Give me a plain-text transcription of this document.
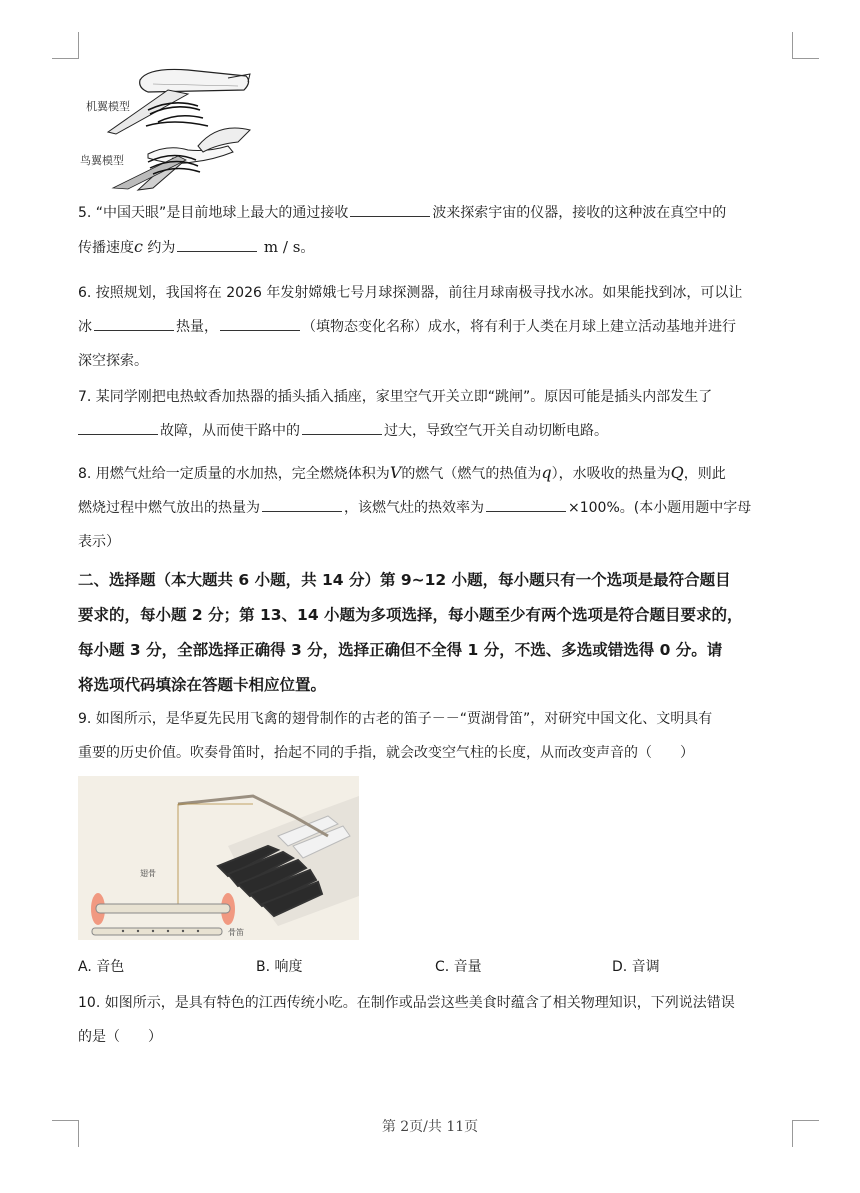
机翼模型
鸟翼模型
5. “中国天眼”是目前地球上最大的通过接收	波来探索宇宙的仪器，接收的这种波在真空中的
传播速度c 约为	m / s。
6. 按照规划，我国将在 2026 年发射嫦娥七号月球探测器，前往月球南极寻找水冰。如果能找到冰，可以让
冰	热量，	（填物态变化名称）成水，将有利于人类在月球上建立活动基地并进行
深空探索。
7. 某同学刚把电热蚊香加热器的插头插入插座，家里空气开关立即“跳闸”。原因可能是插头内部发生了
故障，从而使干路中的	过大，导致空气开关自动切断电路。
8. 用燃气灶给一定质量的水加热，完全燃烧体积为V的燃气（燃气的热值为q），水吸收的热量为Q，则此
燃烧过程中燃气放出的热量为	，该燃气灶的热效率为	×100%。(本小题用题中字母
表示）
二、选择题（本大题共 6 小题，共 14 分）第 9~12 小题，每小题只有一个选项是最符合题目
要求的，每小题 2 分；第 13、14 小题为多项选择，每小题至少有两个选项是符合题目要求的，
每小题 3 分，全部选择正确得 3 分，选择正确但不全得 1 分，不选、多选或错选得 0 分。请
将选项代码填涂在答题卡相应位置。
9. 如图所示，是华夏先民用飞禽的翅骨制作的古老的笛子－－“贾湖骨笛”，对研究中国文化、文明具有
重要的历史价值。吹奏骨笛时，抬起不同的手指，就会改变空气柱的长度，从而改变声音的（　　）
翅骨
骨笛
A. 音色	B. 响度	C. 音量	D. 音调
10. 如图所示，是具有特色的江西传统小吃。在制作或品尝这些美食时蕴含了相关物理知识，下列说法错误
的是（　　）
第 2页/共 11页
